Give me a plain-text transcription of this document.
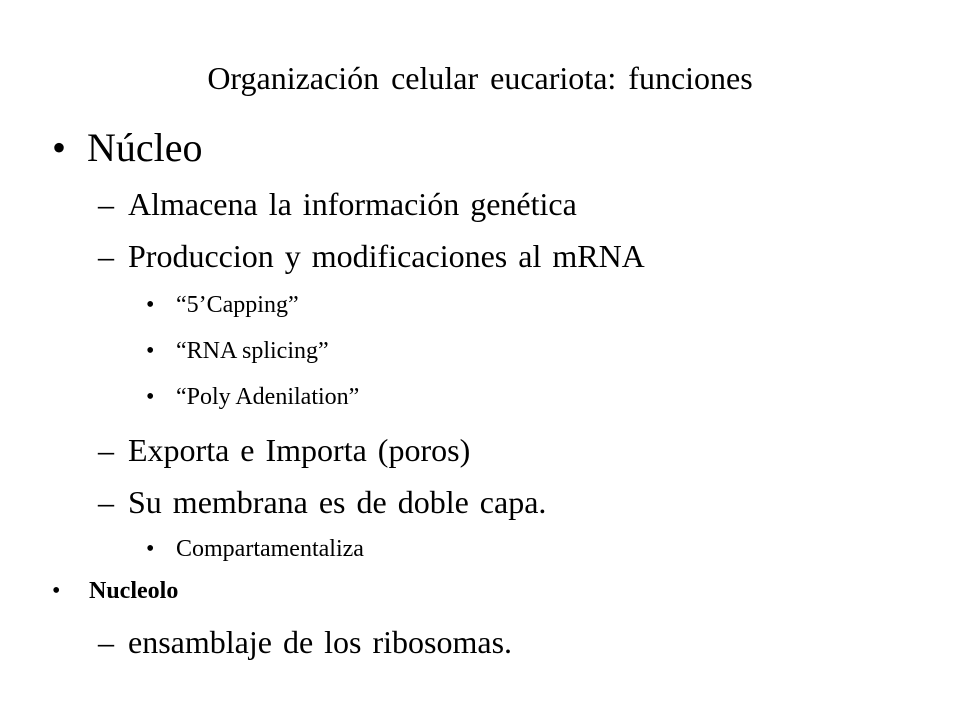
Organización celular eucariota: funciones
• Núcleo
– Almacena la información genética
– Produccion y modificaciones al mRNA
• “5’Capping”
• “RNA splicing”
• “Poly Adenilation”
– Exporta e Importa (poros)
– Su membrana es de doble capa.
• Compartamentaliza
• Nucleolo
– ensamblaje de los ribosomas.
